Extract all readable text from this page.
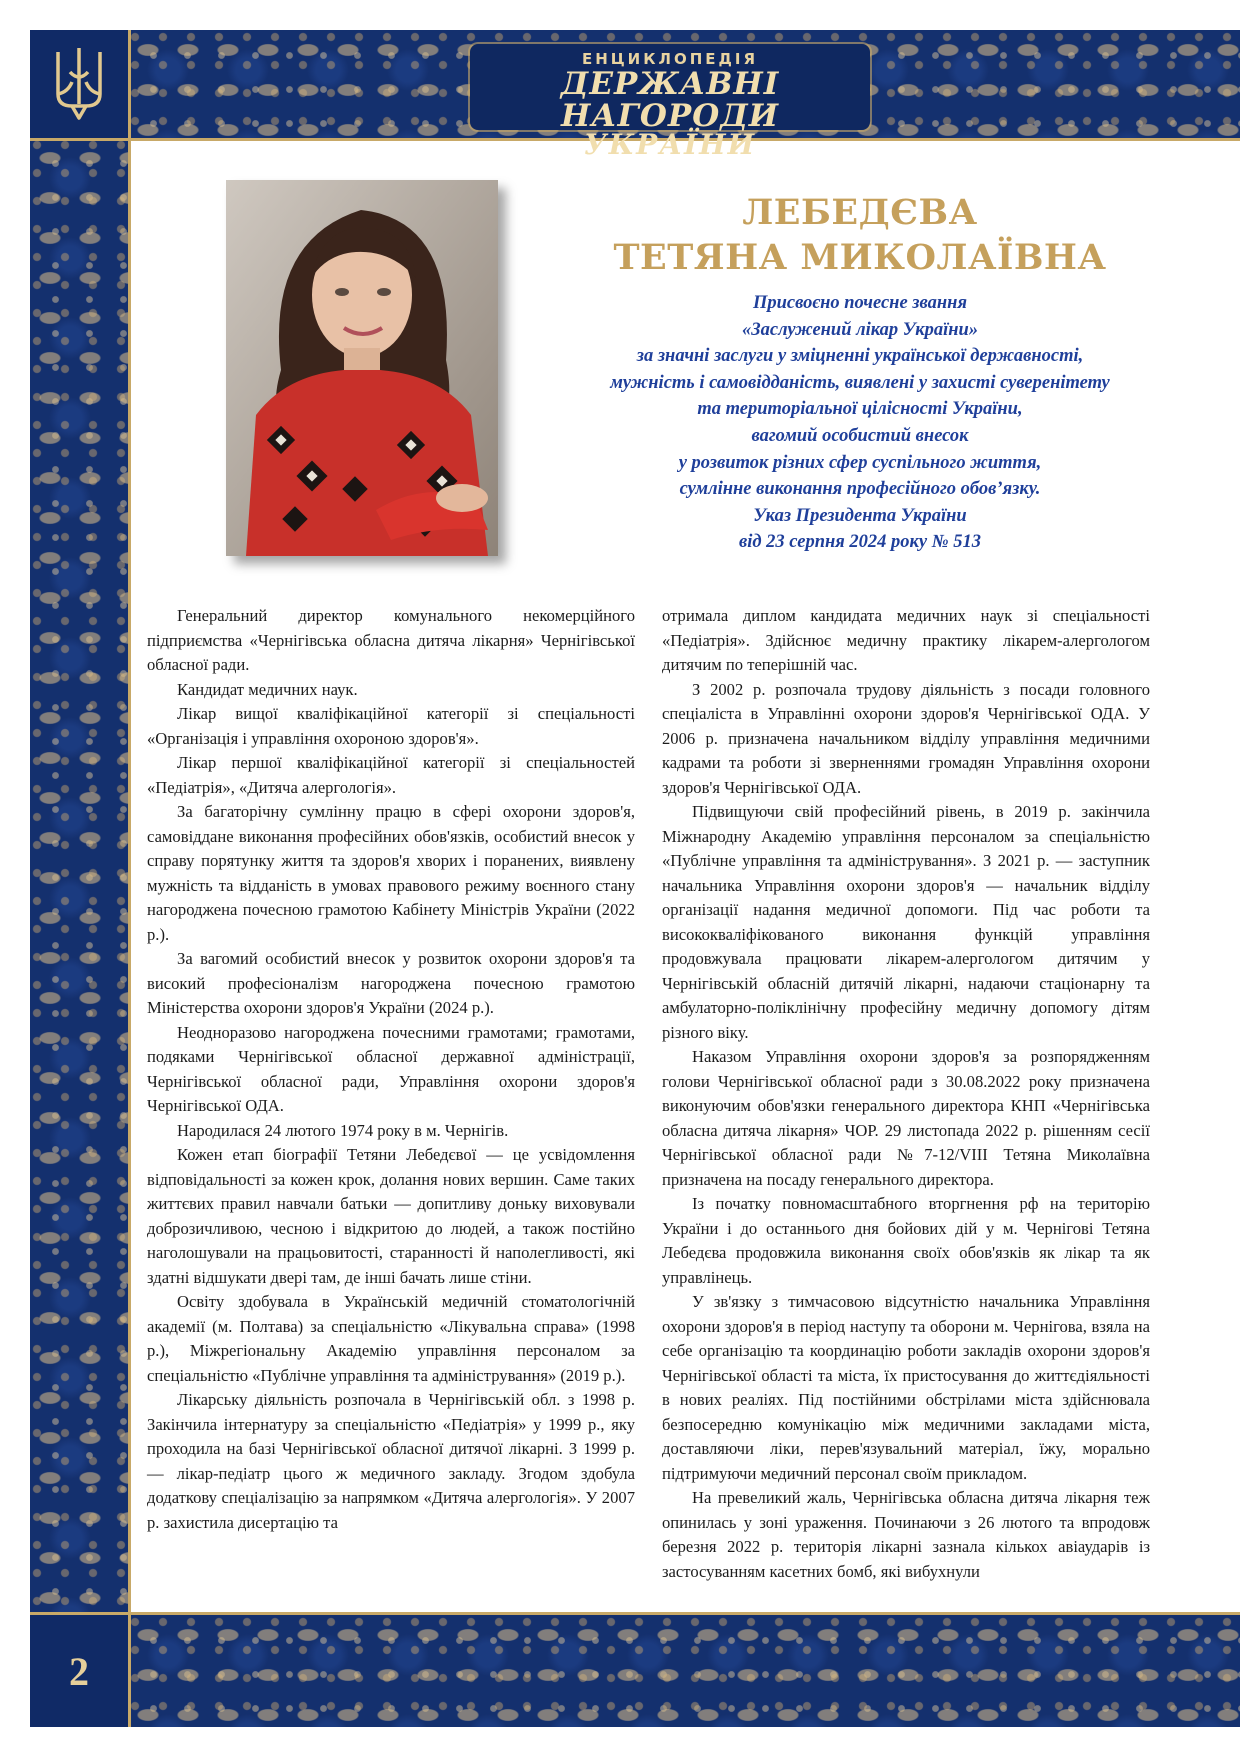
ЕНЦИКЛОПЕДІЯ
ДЕРЖАВНІ НАГОРОДИ
УКРАЇНИ
ЛЕБЕДЄВА
ТЕТЯНА МИКОЛАЇВНА
Присвоєно почесне звання
«Заслужений лікар України»
за значні заслуги у зміцненні української державності,
мужність і самовідданість, виявлені у захисті суверенітету
та територіальної цілісності України,
вагомий особистий внесок
у розвиток різних сфер суспільного життя,
сумлінне виконання професійного обов’язку.
Указ Президента України
від 23 серпня 2024 року № 513

Генеральний директор комунального некомерційного підприємства «Чернігівська обласна дитяча лікарня» Чернігівської обласної ради.

Кандидат медичних наук.

Лікар вищої кваліфікаційної категорії зі спеціальності «Організація і управління охороною здоров'я».

Лікар першої кваліфікаційної категорії зі спеціальностей «Педіатрія», «Дитяча алергологія».

За багаторічну сумлінну працю в сфері охорони здоров'я, самовіддане виконання професійних обов'язків, особистий внесок у справу порятунку життя та здоров'я хворих і поранених, виявлену мужність та відданість в умовах правового режиму воєнного стану нагороджена почесною грамотою Кабінету Міністрів України (2022 р.).

За вагомий особистий внесок у розвиток охорони здоров'я та високий професіоналізм нагороджена почесною грамотою Міністерства охорони здоров'я України (2024 р.).

Неодноразово нагороджена почесними грамотами; грамотами, подяками Чернігівської обласної державної адміністрації, Чернігівської обласної ради, Управління охорони здоров'я Чернігівської ОДА.

Народилася 24 лютого 1974 року в м. Чернігів.

Кожен етап біографії Тетяни Лебедєвої — це усвідомлення відповідальності за кожен крок, долання нових вершин. Саме таких життєвих правил навчали батьки — допитливу доньку виховували доброзичливою, чесною і відкритою до людей, а також постійно наголошували на працьовитості, старанності й наполегливості, які здатні відшукати двері там, де інші бачать лише стіни.

Освіту здобувала в Українській медичній стоматологічній академії (м. Полтава) за спеціальністю «Лікувальна справа» (1998 р.), Міжрегіональну Академію управління персоналом за спеціальністю «Публічне управління та адміністрування» (2019 р.).

Лікарську діяльність розпочала в Чернігівській обл. з 1998 р. Закінчила інтернатуру за спеціальністю «Педіатрія» у 1999 р., яку проходила на базі Чернігівської обласної дитячої лікарні. З 1999 р. — лікар-педіатр цього ж медичного закладу. Згодом здобула додаткову спеціалізацію за напрямком «Дитяча алергологія». У 2007 р. захистила дисертацію та

отримала диплом кандидата медичних наук зі спеціальності «Педіатрія». Здійснює медичну практику лікарем-алергологом дитячим по теперішній час.

З 2002 р. розпочала трудову діяльність з посади головного спеціаліста в Управлінні охорони здоров'я Чернігівської ОДА. У 2006 р. призначена начальником відділу управління медичними кадрами та роботи зі зверненнями громадян Управління охорони здоров'я Чернігівської ОДА.

Підвищуючи свій професійний рівень, в 2019 р. закінчила Міжнародну Академію управління персоналом за спеціальністю «Публічне управління та адміністрування». З 2021 р. — заступник начальника Управління охорони здоров'я — начальник відділу організації надання медичної допомоги. Під час роботи та висококваліфікованого виконання функцій управління продовжувала працювати лікарем-алергологом дитячим у Чернігівській обласній дитячій лікарні, надаючи стаціонарну та амбулаторно-поліклінічну професійну медичну допомогу дітям різного віку.

Наказом Управління охорони здоров'я за розпорядженням голови Чернігівської обласної ради з 30.08.2022 року призначена виконуючим обов'язки генерального директора КНП «Чернігівська обласна дитяча лікарня» ЧОР. 29 листопада 2022 р. рішенням сесії Чернігівської обласної ради №7-12/VIII Тетяна Миколаївна призначена на посаду генерального директора.

Із початку повномасштабного вторгнення рф на територію України і до останнього дня бойових дій у м. Чернігові Тетяна Лебедєва продовжила виконання своїх обов'язків як лікар та як управлінець.

У зв'язку з тимчасовою відсутністю начальника Управління охорони здоров'я в період наступу та оборони м. Чернігова, взяла на себе організацію та координацію роботи закладів охорони здоров'я Чернігівської області та міста, їх пристосування до життєдіяльності в нових реаліях. Під постійними обстрілами міста здійснювала безпосередню комунікацію між медичними закладами міста, доставляючи ліки, перев'язувальний матеріал, їжу, морально підтримуючи медичний персонал своїм прикладом.

На превеликий жаль, Чернігівська обласна дитяча лікарня теж опинилась у зоні ураження. Починаючи з 26 лютого та впродовж березня 2022 р. територія лікарні зазнала кількох авіаударів із застосуванням касетних бомб, які вибухнули

2
